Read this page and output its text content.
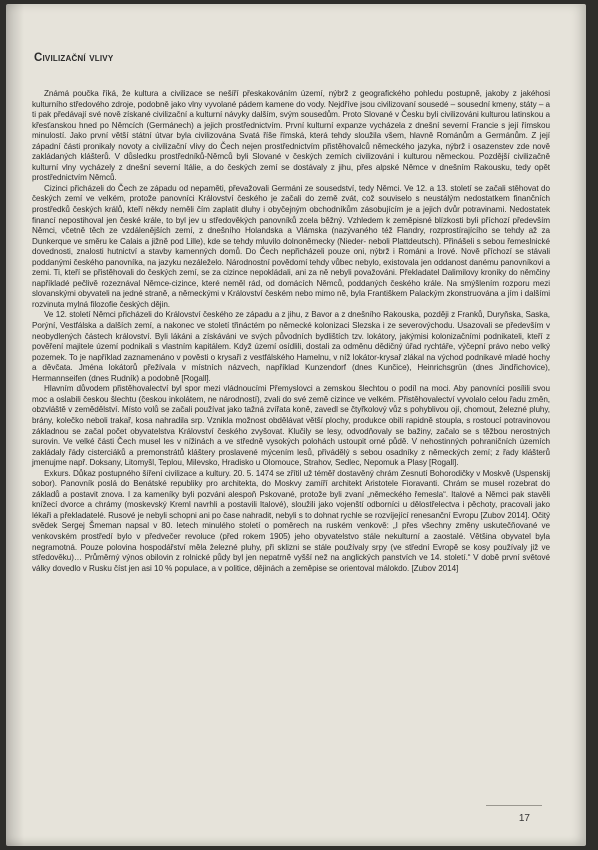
Civilizační vlivy

Známá poučka říká, že kultura a civilizace se nešíří přeskakováním území, nýbrž z geografického pohledu postupně, jakoby z jakéhosi kulturního středového zdroje, podobně jako vlny vyvolané pádem kamene do vody. Nejdříve jsou civilizovaní sousedé – sousední kmeny, státy – a ti pak předávají své nově získané civilizační a kulturní návyky dalším, svým sousedům. Proto Slované v Česku byli civilizováni kulturou latinskou a křesťanskou hned po Němcích (Germánech) a jejich prostřednictvím. První kulturní expanze vycházela z dnešní severní Francie s její římskou minulostí. Jako první větší státní útvar byla civilizována Svatá říše římská, která tehdy sloužila všem, hlavně Románům a Germánům. Z její západní části pronikaly novoty a civilizační vlivy do Čech nejen prostřednictvím přistěhovalců německého jazyka, nýbrž i osazenstev zde nově zakládaných klášterů. V důsledku prostředníků-Němců byli Slované v českých zemích civilizováni i kulturou německou. Pozdější civilizačně kulturní vlny vycházely z dnešní severní Itálie, a do českých zemí se dostávaly z jihu, přes alpské Němce v dnešním Rakousku, tedy opět prostřednictvím Němců.

Cizinci přicházeli do Čech ze západu od nepaměti, převažovali Germáni ze sousedství, tedy Němci. Ve 12. a 13. století se začali stěhovat do českých zemí ve velkém, protože panovníci Království českého je začali do země zvát, což souviselo s neustálým nedostatkem finančních prostředků českých králů, kteří někdy neměli čím zaplatit dluhy i obyčejným obchodníkům zásobujícím je a jejich dvůr potravinami. Nedostatek financí nepostihoval jen české krále, to byl jev u středověkých panovníků zcela běžný. Vzhledem k zeměpisné blízkosti byli příchozí především Němci, včetně těch ze vzdálenějších zemí, z dnešního Holandska a Vlámska (nazývaného též Flandry, rozprostírajícího se tehdy až za Dunkerque ve směru ke Calais a jižně pod Lille), kde se tehdy mluvilo dolnoněmecky (Nieder- neboli Plattdeutsch). Přinášeli s sebou řemeslnické dovednosti, znalosti hutnictví a stavby kamenných domů. Do Čech nepřicházeli pouze oni, nýbrž i Románi a Irové. Nově příchozí se stávali poddanými českého panovníka, na jazyku nezáleželo. Národnostní povědomí tehdy vůbec nebylo, existovala jen oddanost danému panovníkovi a zemi. Ti, kteří se přistěhovali do českých zemí, se za cizince nepokládali, ani za ně nebyli považováni. Překladatel Dalimilovy kroniky do němčiny napříkladé pečlivě rozeznával Němce-cizince, které neměl rád, od domácích Němců, poddaných českého krále. Na smýšlením rozporu mezi slovanskými obyvateli na jedné straně, a německými v Království českém nebo mimo ně, byla Františkem Palackým zkonstruována a jím i dalšími rozvinuta mylná filozofie českých dějin.

Ve 12. století Němci přicházeli do Království českého ze západu a z jihu, z Bavor a z dnešního Rakouska, později z Franků, Duryňska, Saska, Porýní, Vestfálska a dalších zemí, a nakonec ve století třináctém po německé kolonizaci Slezska i ze severovýchodu. Usazovali se především v neobydlených částech království. Byli lákáni a získáváni ve svých původních bydlištích tzv. lokátory, jakýmisi kolonizačními podnikateli, kteří z pověření majitele území podnikali s vlastním kapitálem. Když území osídlili, dostali za odměnu dědičný úřad rychtáře, výčepní právo nebo velký pozemek. To je například zaznamenáno v pověsti o krysaři z vestfálského Hamelnu, v níž lokátor-krysař zlákal na východ podnikavé mladé hochy a děvčata. Jména lokátorů přežívala v místních názvech, například Kunzendorf (dnes Kunčice), Heinrichsgrün (dnes Jindřichovice), Hermannseifen (dnes Rudník) a podobně [Rogall].

Hlavním důvodem přistěhovalectví byl spor mezi vládnoucími Přemyslovci a zemskou šlechtou o podíl na moci. Aby panovníci posílili svou moc a oslabili českou šlechtu (českou inkolátem, ne národností), zvali do své země cizince ve velkém. Přistěhovalectví vyvolalo celou řadu změn, obzvláště v zemědělství. Místo volů se začali používat jako tažná zvířata koně, zavedl se čtyřkolový vůz s pohyblivou ojí, chomout, železné pluhy, brány, kolečko neboli trakař, kosa nahradila srp. Vznikla možnost obdělávat větší plochy, produkce obilí rapidně stoupla, s rostoucí potravinovou základnou se začal počet obyvatelstva Království českého zvyšovat. Klučily se lesy, odvodňovaly se bažiny, začalo se s těžbou nerostných surovin. Ve velké části Čech musel les v nížinách a ve středně vysokých polohách ustoupit orné půdě. V nehostinných pohraničních územích zakládaly řády cisterciáků a premonstrátů kláštery proslavené mýcením lesů, přivádělý s sebou osadníky z německých zemí; z řady klášterů jmenujme např. Doksany, Litomyšl, Teplou, Milevsko, Hradisko u Olomouce, Strahov, Sedlec, Nepomuk a Plasy [Rogall].

Exkurs. Důkaz postupného šíření civilizace a kultury. 20. 5. 1474 se zřítil už téměř dostavěný chrám Zesnutí Bohorodičky v Moskvě (Uspenskij sobor). Panovník poslá do Benátské republiky pro architekta, do Moskvy zamíří architekt Aristotele Fioravanti. Chrám se musel rozebrat do základů a postavit znova. I za kameníky byli pozváni alespoň Pskované, protože byli zvaní „německého řemesla“. Italové a Němci pak stavěli knížecí dvorce a chrámy (moskevský Kreml navrhli a postavili Italové), sloužili jako vojenští odborníci u dělostřelectva i pěchoty, pracovali jako lékaři a překladatelé. Rusové je nebyli schopni ani po čase nahradit, nebyli s to dohnat rychle se rozvíjející renesanční Evropu [Zubov 2014]. Očitý svědek Sergej Šmeman napsal v 80. letech minulého století o poměrech na ruském venkově: „I přes všechny změny uskutečňované ve venkovském prostředí bylo v předvečer revoluce (před rokem 1905) jeho obyvatelstvo stále nekulturní a zaostalé. Většina obyvatel byla negramotná. Pouze polovina hospodářství měla železné pluhy, při sklizni se stále používaly srpy (ve střední Evropě se kosy používaly již ve středověku)… Průměrný výnos obilovin z rolnické půdy byl jen nepatrně vyšší než na anglických panstvích ve 14. století.“ V době první světové války dovedlo v Rusku číst jen asi 10 % populace, a v politice, dějinách a zeměpise se orientoval málokdo. [Zubov 2014]

17
